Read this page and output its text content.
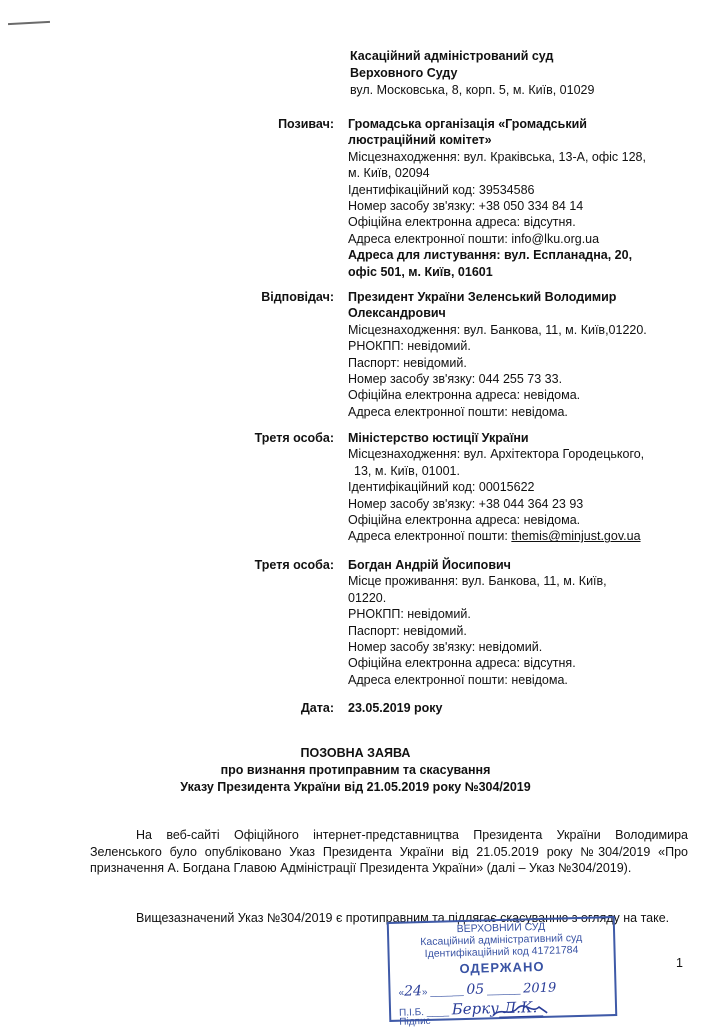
Касаційний адміністрований суд
Верховного Суду
вул. Московська, 8, корп. 5, м. Київ, 01029
Позивач: Громадська організація «Громадський
люстраційний комітет»
Місцезнаходження: вул. Краківська, 13-А, офіс 128,
м. Київ, 02094
Ідентифікаційний код: 39534586
Номер засобу зв'язку: +38 050 334 84 14
Офіційна електронна адреса: відсутня.
Адреса електронної пошти: info@lku.org.ua
Адреса для листування: вул. Еспланадна, 20,
офіс 501, м. Київ, 01601
Відповідач: Президент України Зеленський Володимир
Олександрович
Місцезнаходження: вул. Банкова, 11, м. Київ,01220.
РНОКПП: невідомий.
Паспорт: невідомий.
Номер засобу зв'язку: 044 255 73 33.
Офіційна електронна адреса: невідома.
Адреса електронної пошти: невідома.
Третя особа: Міністерство юстиції України
Місцезнаходження: вул. Архітектора Городецького,
13, м. Київ, 01001.
Ідентифікаційний код: 00015622
Номер засобу зв'язку: +38 044 364 23 93
Офіційна електронна адреса: невідома.
Адреса електронної пошти: themis@minjust.gov.ua
Третя особа: Богдан Андрій Йосипович
Місце проживання: вул. Банкова, 11, м. Київ,
01220.
РНОКПП: невідомий.
Паспорт: невідомий.
Номер засобу зв'язку: невідомий.
Офіційна електронна адреса: відсутня.
Адреса електронної пошти: невідома.
Дата: 23.05.2019 року
ПОЗОВНА ЗАЯВА
про визнання протиправним та скасування
Указу Президента України від 21.05.2019 року №304/2019
На веб-сайті Офіційного інтернет-представництва Президента України Володимира Зеленського було опубліковано Указ Президента України від 21.05.2019 року №304/2019 «Про призначення А. Богдана Главою Адміністрації Президента України» (далі – Указ №304/2019).
Вищезазначений Указ №304/2019 є протиправним та підлягає скасуванню з огляду на таке.
ВЕРХОВНИЙ СУД
Касаційний адміністративний суд
Ідентифікаційний код 41721784
ОДЕРЖАНО
«24» ______ 05 ______ 2019
П.І.Б. ____ Берку Л.К.
Підпис
1
